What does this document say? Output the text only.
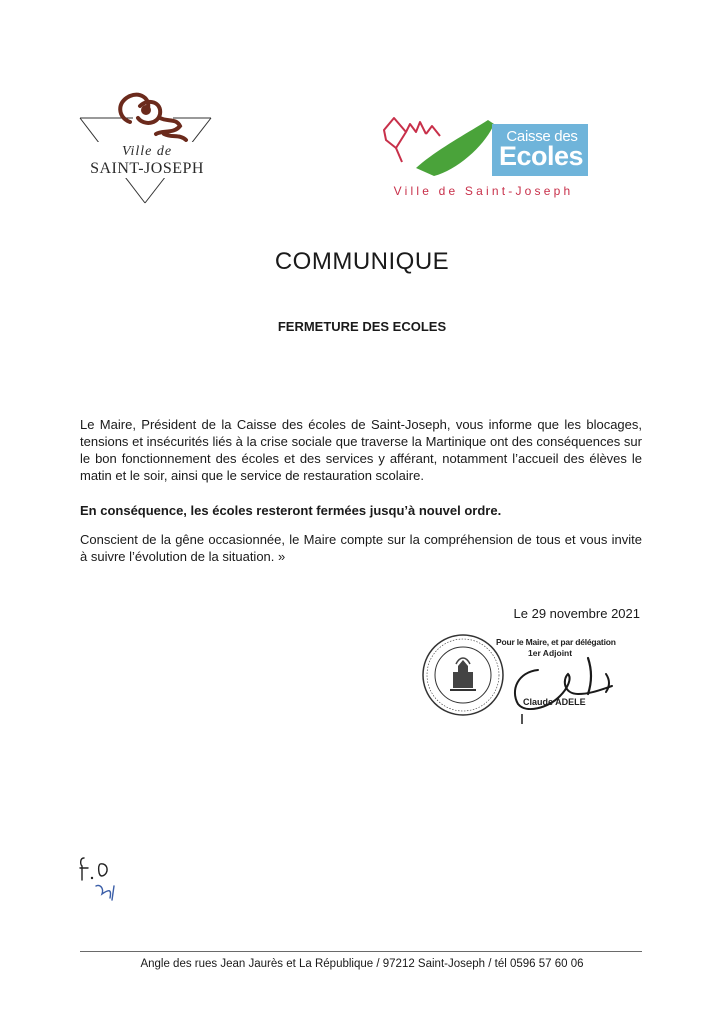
Ville de
SAINT-JOSEPH
Caisse des
Ecoles
Ville de Saint-Joseph
COMMUNIQUE
FERMETURE DES ECOLES

Le Maire, Président de la Caisse des écoles de Saint-Joseph, vous informe que les blocages, tensions et insécurités liés à la crise sociale que traverse la Martinique ont des conséquences sur le bon fonctionnement des écoles et des services y afférant, notamment l’accueil des élèves le matin et le soir, ainsi que le service de restauration scolaire.

En conséquence, les écoles resteront fermées jusqu’à nouvel ordre.

Conscient de la gêne occasionnée, le Maire compte sur la compréhension de tous et vous invite à suivre l’évolution de la situation. »

Le 29 novembre 2021
Pour le Maire, et par délégation
1er Adjoint
Claude ADELE
Angle des rues Jean Jaurès et La République / 97212 Saint-Joseph / tél 0596 57 60 06
